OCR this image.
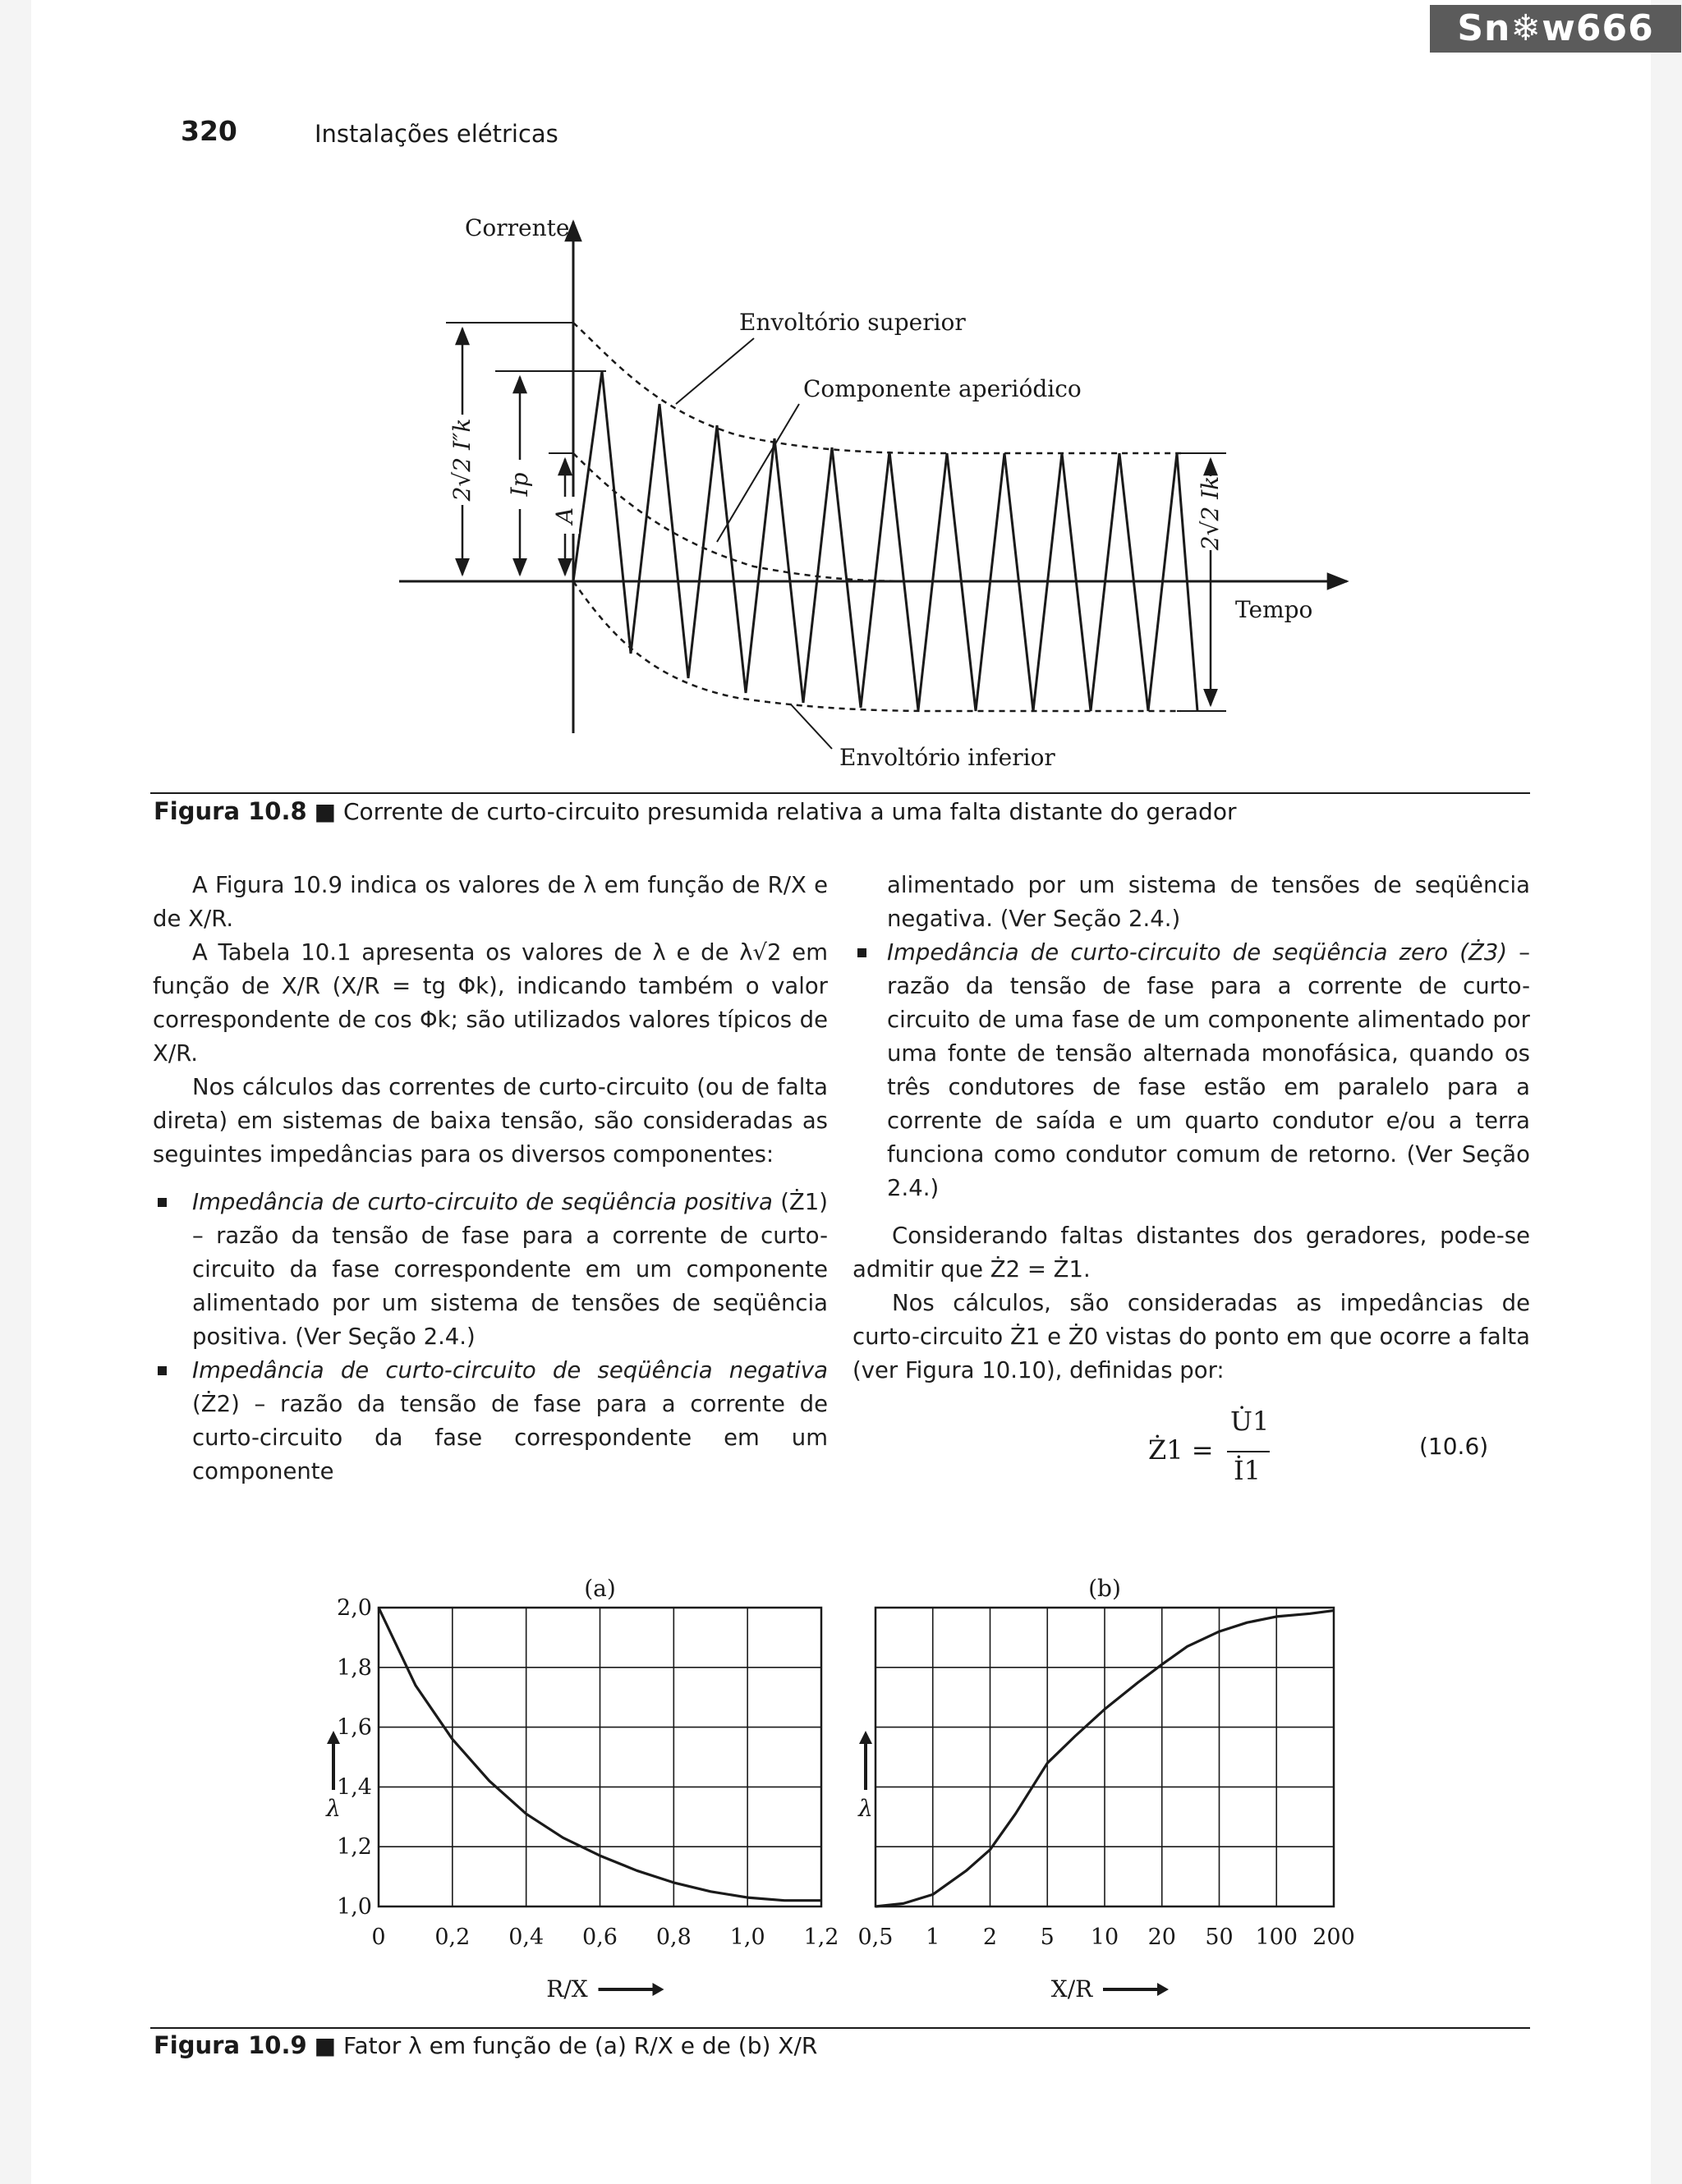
320	Instalações elétricas
Corrente
Tempo
Envoltório superior
Componente aperiódico
Envoltório inferior
2√2 I″k Ip
A	2√2 Ik
Figura 10.8 ■ Corrente de curto-circuito presumida relativa a uma falta distante do gerador

A Figura 10.9 indica os valores de λ em função de R/X e de X/R.

A Tabela 10.1 apresenta os valores de λ e de λ√2 em função de X/R (X/R = tg Φk), indicando também o valor correspondente de cos Φk; são utilizados valores típicos de X/R.

Nos cálculos das correntes de curto-circuito (ou de falta direta) em sistemas de baixa tensão, são consideradas as seguintes impedâncias para os diversos componentes:

Impedância de curto-circuito de seqüência positiva (Ż1) – razão da tensão de fase para a corrente de curto-circuito da fase correspondente em um componente alimentado por um sistema de tensões de seqüência positiva. (Ver Seção 2.4.)

Impedância de curto-circuito de seqüência negativa (Ż2) – razão da tensão de fase para a corrente de curto-circuito da fase correspondente em um componente

alimentado por um sistema de tensões de seqüência negativa. (Ver Seção 2.4.)

Impedância de curto-circuito de seqüência zero (Ż3) – razão da tensão de fase para a corrente de curto-circuito de uma fase de um componente alimentado por uma fonte de tensão alternada monofásica, quando os três condutores de fase estão em paralelo para a corrente de saída e um quarto condutor e/ou a terra funciona como condutor comum de retorno. (Ver Seção 2.4.)

Considerando faltas distantes dos geradores, pode-se admitir que Ż2 = Ż1.

Nos cálculos, são consideradas as impedâncias de curto-circuito Ż1 e Ż0 vistas do ponto em que ocorre a falta (ver Figura 10.10), definidas por:

Ż1 =
U̇1
İ1
(10.6)
0 0,2 0,4 0,6 0,8 1,0 1,2
1,0
1,2
1,4
1,6
1,8
2,0
(a)
R/X
λ
0,5 1 2 5 10 20 50 100 200
(b)
X/R
λ
Figura 10.9 ■ Fator λ em função de (a) R/X e de (b) X/R
Sn❄w666
